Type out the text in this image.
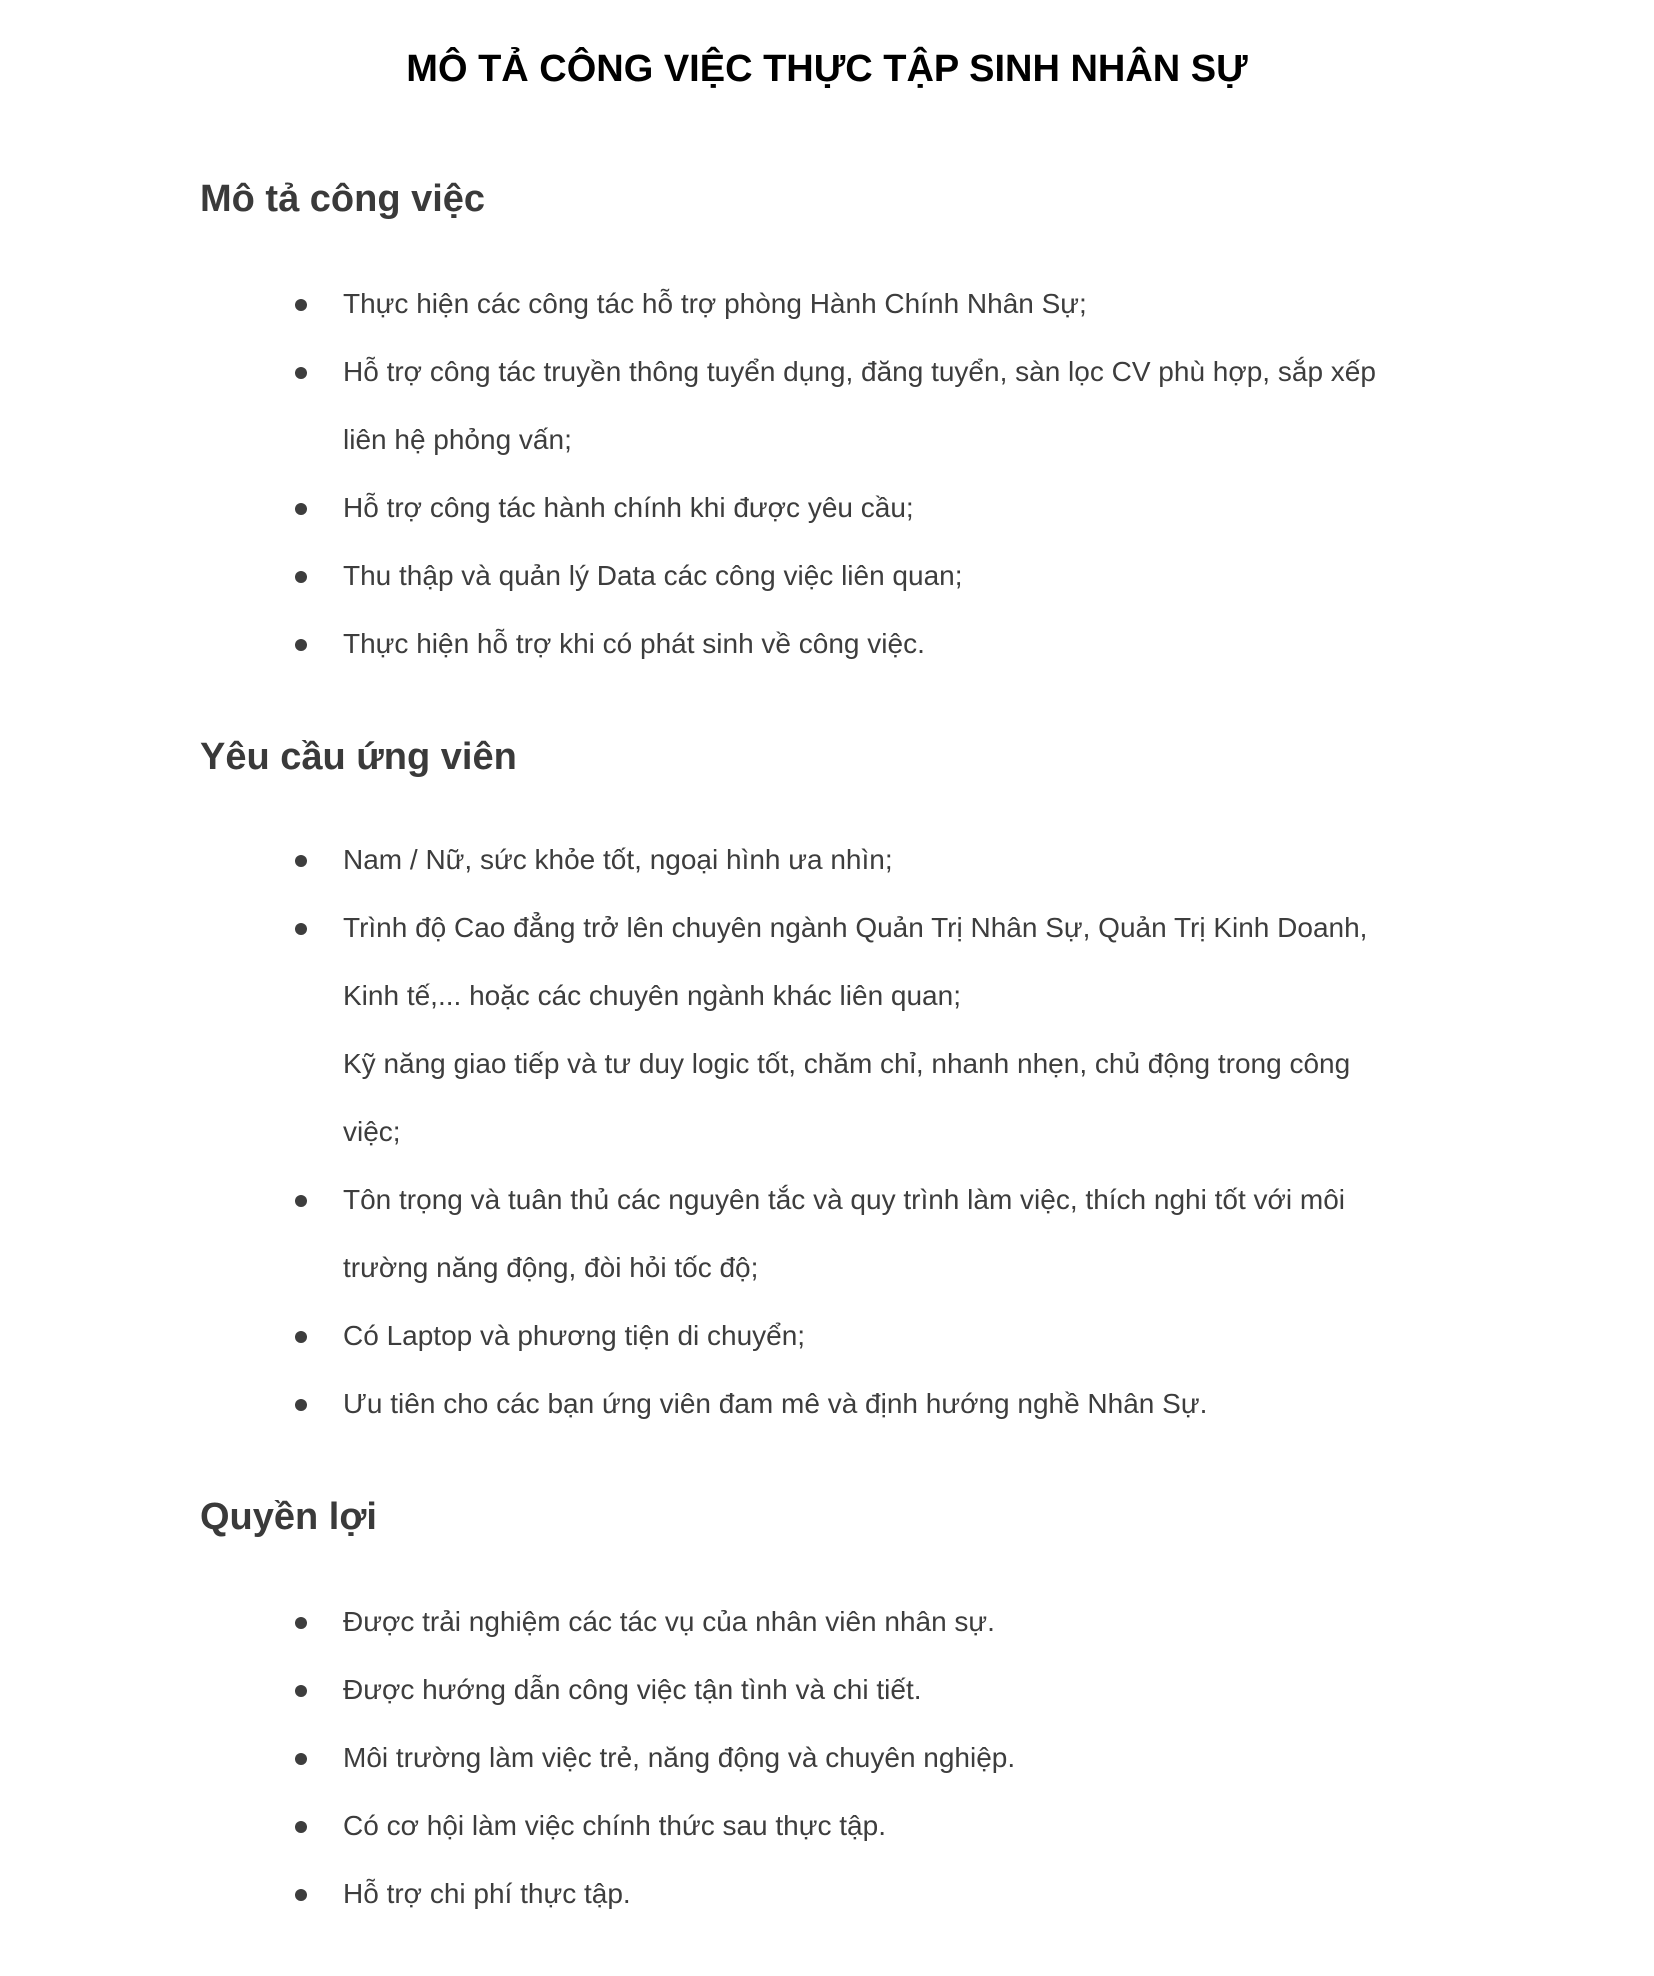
MÔ TẢ CÔNG VIỆC THỰC TẬP SINH NHÂN SỰ
Mô tả công việc
Thực hiện các công tác hỗ trợ phòng Hành Chính Nhân Sự;
Hỗ trợ công tác truyền thông tuyển dụng, đăng tuyển, sàn lọc CV phù hợp, sắp xếp
liên hệ phỏng vấn;
Hỗ trợ công tác hành chính khi được yêu cầu;
Thu thập và quản lý Data các công việc liên quan;
Thực hiện hỗ trợ khi có phát sinh về công việc.
Yêu cầu ứng viên
Nam / Nữ, sức khỏe tốt, ngoại hình ưa nhìn;
Trình độ Cao đẳng trở lên chuyên ngành Quản Trị Nhân Sự, Quản Trị Kinh Doanh,
Kinh tế,... hoặc các chuyên ngành khác liên quan;
Kỹ năng giao tiếp và tư duy logic tốt, chăm chỉ, nhanh nhẹn, chủ động trong công
việc;
Tôn trọng và tuân thủ các nguyên tắc và quy trình làm việc, thích nghi tốt với môi
trường năng động, đòi hỏi tốc độ;
Có Laptop và phương tiện di chuyển;
Ưu tiên cho các bạn ứng viên đam mê và định hướng nghề Nhân Sự.
Quyền lợi
Được trải nghiệm các tác vụ của nhân viên nhân sự.
Được hướng dẫn công việc tận tình và chi tiết.
Môi trường làm việc trẻ, năng động và chuyên nghiệp.
Có cơ hội làm việc chính thức sau thực tập.
Hỗ trợ chi phí thực tập.
